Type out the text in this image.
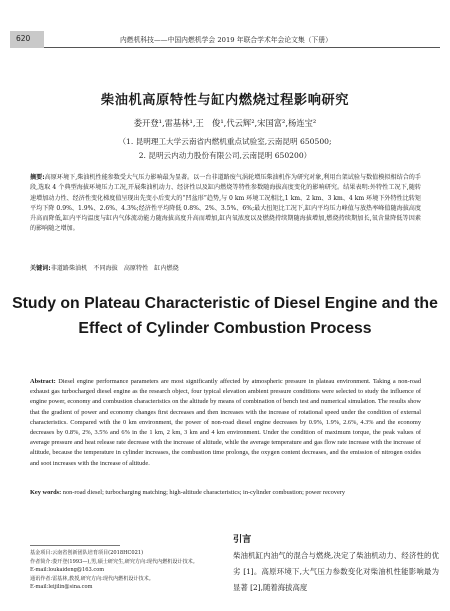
620	内燃机科技——中国内燃机学会 2019 年联合学术年会论文集（下册）
柴油机高原特性与缸内燃烧过程影响研究
娄开登¹,雷基林¹,王　俊¹,代云辉²,宋国富²,杨连宝²
（1. 昆明理工大学云南省内燃机重点试验室,云南昆明 650500;
2. 昆明云内动力股份有限公司,云南昆明 650200）

摘要:高原环境下,柴油机性能参数受大气压力影响最为显著。以一台非道路废气涡轮增压柴油机作为研究对象,利用台架试验与数值模拟相结合的手段,选取 4 个典型海拔环境压力工况,开展柴油机动力、经济性以及缸内燃烧等特性参数随海拔高度变化的影响研究。结果表明:外特性工况下,随转速增加动力性、经济性变化梯度值呈现出先变小后变大的“凹盆形”趋势,与 0 km 环境工况相比,1 km、2 km、3 km、4 km 环境下外特性比转矩平均下降 0.9%、1.9%、2.6%、4.3%;经济性平均降低 0.8%、2%、3.5%、6%;最大扭矩比工况下,缸内平均压力峰值与放热率峰值随海拔高度升高而降低,缸内平均温度与缸内气体流动能力随海拔高度升高而增加,缸内氧浓度以及燃烧持续期随海拔增加,燃烧持续期加长,氧含量降低等因素的影响随之增加。

关键词:非道路柴油机　不同海拔　高原特性　缸内燃烧

Study on Plateau Characteristic of Diesel Engine and the
Effect of Cylinder Combustion Process

Abstract: Diesel engine performance parameters are most significantly affected by atmospheric pressure in plateau environment. Taking a non-road exhaust gas turbocharged diesel engine as the research object, four typical elevation ambient pressure conditions were selected to study the influence of engine power, economy and combustion characteristics on the altitude by means of combination of bench test and numerical simulation. The results show that the gradient of power and economy changes first decreases and then increases with the increase of rotational speed under the condition of external characteristics. Compared with the 0 km environment, the power of non-road diesel engine decreases by 0.9%, 1.9%, 2.6%, 4.3% and the economy decreases by 0.8%, 2%, 3.5% and 6% in the 1 km, 2 km, 3 km and 4 km environment. Under the condition of maximum torque, the peak values of average pressure and heat release rate decrease with the increase of altitude, while the average temperature and gas flow rate increase with the increase of altitude, because the temperature in cylinder increases, the combustion time prolongs, the oxygen content decreases, and the emission of nitrogen oxides and soot increases with the increase of altitude.

Key words: non-road diesel; turbocharging matching; high-altitude characteristics; in-cylinder combustion; power recovery

基金项目:云南省创新团队培育项目(2018HC021)
作者简介:娄开登(1993—),男,硕士研究生,研究方向:现代内燃机设计技术。
E-mail:loukaideng@163.com
通讯作者:雷基林,教授,研究方向:现代内燃机设计技术。
E-mail:leijilin@sina.com
引言

柴油机缸内油气的混合与燃烧,决定了柴油机动力、经济性的优劣 [1]。高原环境下,大气压力参数变化对柴油机性能影响最为显著 [2],随着海拔高度
